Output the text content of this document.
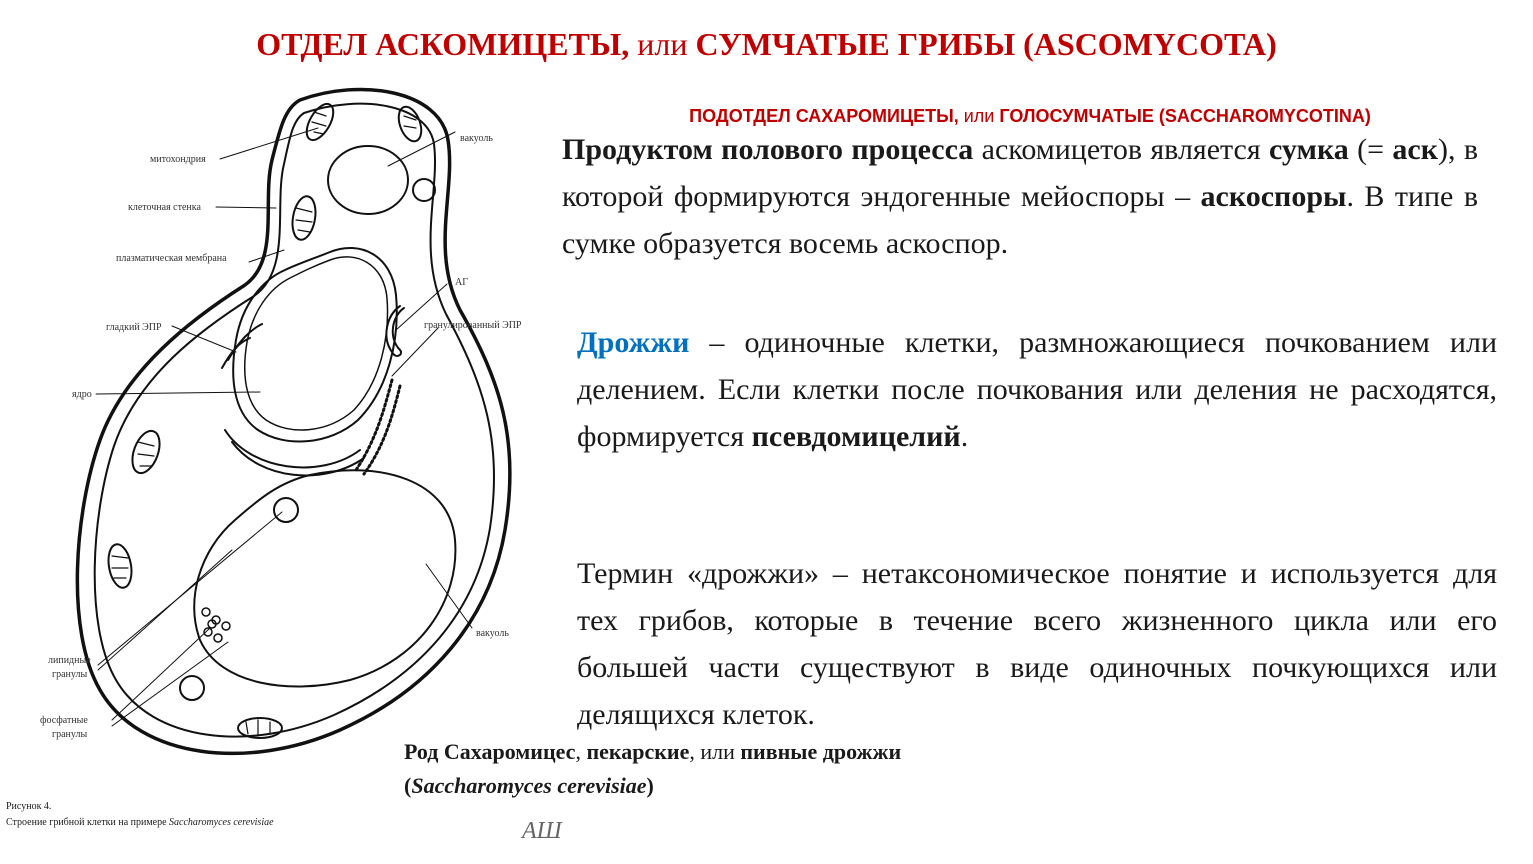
ОТДЕЛ АСКОМИЦЕТЫ, или СУМЧАТЫЕ ГРИБЫ (ASCOMYCOTA)
ПОДОТДЕЛ САХАРОМИЦЕТЫ, или ГОЛОСУМЧАТЫЕ (SACCHAROMYCOTINA)
Продуктом полового процесса аскомицетов является сумка (= аск), в которой формируются эндогенные мейоспоры – аскоспоры. В типе в сумке образуется восемь аскоспор.
Дрожжи – одиночные клетки, размножающиеся почкованием или делением. Если клетки после почкования или деления не расходятся, формируется псевдомицелий.
Термин «дрожжи» – нетаксономическое понятие и используется для тех грибов, которые в течение всего жизненного цикла или его большей части существуют в виде одиночных почкующихся или делящихся клеток.
Род Сахаромицес, пекарские, или пивные дрожжи (Saccharomyces cerevisiae)
Рисунок 4.
Строение грибной клетки на примере Saccharomyces cerevisiae	АШ
митохондрия
клеточная стенка
плазматическая мембрана
гладкий ЭПР
ядро
липидные
гранулы
фосфатные
гранулы
вакуоль
АГ
гранулированный ЭПР
вакуоль
